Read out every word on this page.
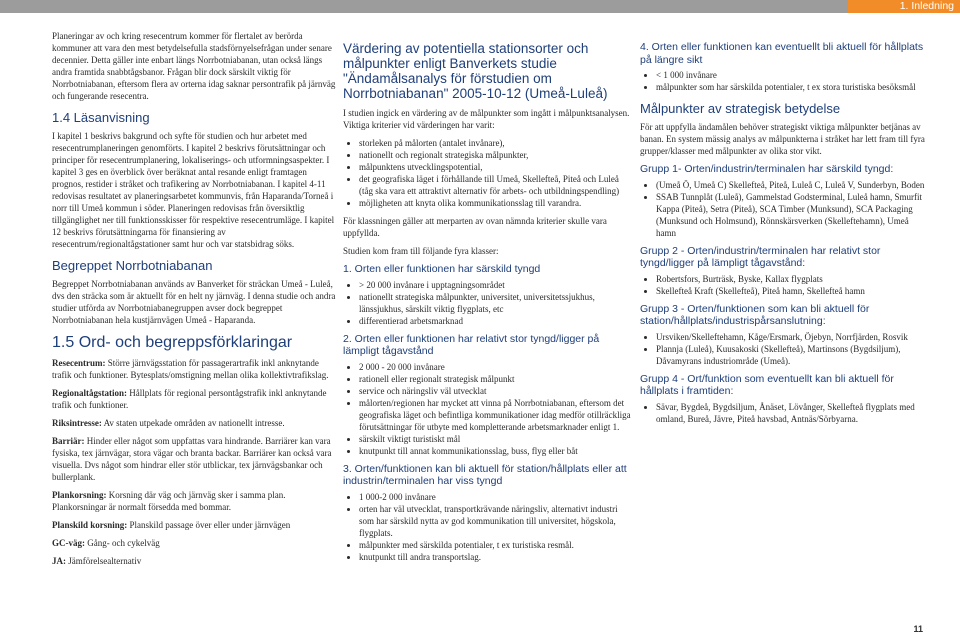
1. Inledning

Planeringar av och kring resecentrum kommer för flertalet av berörda kommuner att vara den mest betydelsefulla stadsförnyelsefrågan under senare decennier. Detta gäller inte enbart längs Norrbotniabanan, utan också längs andra framtida snabbtågsbanor. Frågan blir dock särskilt viktig för Norrbotniabanan, eftersom flera av orterna idag saknar persontrafik på järnväg och fungerande resecentra.

1.4 Läsanvisning

I kapitel 1 beskrivs bakgrund och syfte för studien och hur arbetet med resecentrumplaneringen genomförts. I kapitel 2 beskrivs förutsättningar och principer för resecentrumplanering, lokaliserings- och utformningsaspekter. I kapitel 3 ges en överblick över beräknat antal resande enligt framtagen prognos, restider i stråket och trafikering av Norrbotniabanan. I kapitel 4-11 redovisas resultatet av planeringsarbetet kommunvis, från Haparanda/Torneå i norr till Umeå kommun i söder. Planeringen redovisas från översiktlig tillgänglighet ner till funktionsskisser för respektive resecentrumläge. I kapitel 12 beskrivs förutsättningarna för finansiering av resecentrum/regionaltågstationer samt hur och var statsbidrag söks.

Begreppet Norrbotniabanan

Begreppet Norrbotniabanan används av Banverket för sträckan Umeå - Luleå, dvs den sträcka som är aktuellt för en helt ny järnväg. I denna studie och andra studier utförda av Norrbotniabanegruppen avser dock begreppet Norrbotniabanan hela kustjärnvägen Umeå - Haparanda.

1.5 Ord- och begreppsförklaringar

Resecentrum: Större järnvägsstation för passagerartrafik inkl anknytande trafik och funktioner. Bytesplats/omstigning mellan olika kollektivtrafikslag.

Regionaltågstation: Hållplats för regional persontågstrafik inkl anknytande trafik och funktioner.

Riksintresse: Av staten utpekade områden av nationellt intresse.

Barriär: Hinder eller något som uppfattas vara hindrande. Barriärer kan vara fysiska, tex järnvägar, stora vägar och branta backar. Barriärer kan också vara visuella. Dvs något som hindrar eller stör utblickar, tex järnvägsbankar och bullerplank.

Plankorsning: Korsning där väg och järnväg sker i samma plan. Plankorsningar är normalt försedda med bommar.

Planskild korsning: Planskild passage över eller under järnvägen

GC-väg: Gång- och cykelväg

JA: Jämförelsealternativ

Värdering av potentiella stationsorter och målpunkter enligt Banverkets studie "Ändamålsanalys för förstudien om Norrbotniabanan" 2005-10-12 (Umeå-Luleå)

I studien ingick en värdering av de målpunkter som ingått i målpunktsanalysen. Viktiga kriterier vid värderingen har varit:

• storleken på målorten (antalet invånare),
• nationellt och regionalt strategiska målpunkter,
• målpunktens utvecklingspotential,
• det geografiska läget i förhållande till Umeå, Skellefteå, Piteå och Luleå (tåg ska vara ett attraktivt alternativ för arbets- och utbildningspendling)
• möjligheten att knyta olika kommunikationsslag till varandra.

För klassningen gäller att merparten av ovan nämnda kriterier skulle vara uppfyllda.

Studien kom fram till följande fyra klasser:

1. Orten eller funktionen har särskild tyngd
• > 20 000 invånare i upptagningsområdet
• nationellt strategiska målpunkter, universitet, universitetssjukhus, länssjukhus, särskilt viktig flygplats, etc
• differentierad arbetsmarknad
2. Orten eller funktionen har relativt stor tyngd/ligger på lämpligt tågavstånd
• 2 000 - 20 000 invånare
• rationell eller regionalt strategisk målpunkt
• service och näringsliv väl utvecklat
• målorten/regionen har mycket att vinna på Norrbotniabanan, eftersom det geografiska läget och befintliga kommunikationer idag medför otillräckliga förutsättningar för utbyte med kompletterande arbetsmarknader enligt 1.
• särskilt viktigt turistiskt mål
• knutpunkt till annat kommunikationsslag, buss, flyg eller båt
3. Orten/funktionen kan bli aktuell för station/hållplats eller att industrin/terminalen har viss tyngd
• 1 000-2 000 invånare
• orten har väl utvecklat, transportkrävande näringsliv, alternativt industri som har särskild nytta av god kommunikation till universitet, högskola, flygplats.
• målpunkter med särskilda potentialer, t ex turistiska resmål.
• knutpunkt till andra transportslag.
4. Orten eller funktionen kan eventuellt bli aktuell för hållplats på längre sikt
• < 1 000 invånare
• målpunkter som har särskilda potentialer, t ex stora turistiska besöksmål
Målpunkter av strategisk betydelse

För att uppfylla ändamålen behöver strategiskt viktiga målpunkter betjänas av banan. En system mässig analys av målpunkterna i stråket har lett fram till fyra grupper/klasser med målpunkter av olika stor vikt.

Grupp 1- Orten/industrin/terminalen har särskild tyngd:
• (Umeå Ö, Umeå C) Skellefteå, Piteå, Luleå C, Luleå V, Sunderbyn, Boden
• SSAB Tunnplåt (Luleå), Gammelstad Godsterminal, Luleå hamn, Smurfit Kappa (Piteå), Setra (Piteå), SCA Timber (Munksund), SCA Packaging (Munksund och Holmsund), Rönnskärsverken (Skelleftehamn), Umeå hamn
Grupp 2 - Orten/industrin/terminalen har relativt stor tyngd/ligger på lämpligt tågavstånd:
• Robertsfors, Burträsk, Byske, Kallax flygplats
• Skellefteå Kraft (Skellefteå), Piteå hamn, Skellefteå hamn
Grupp 3 - Orten/funktionen som kan bli aktuell för station/hållplats/industrispårsanslutning:
• Ursviken/Skelleftehamn, Kåge/Ersmark, Öjebyn, Norrfjärden, Rosvik
• Plannja (Luleå), Kuusakoski (Skellefteå), Martinsons (Bygdsiljum), Dåvamyrans industriområde (Umeå).
Grupp 4 - Ort/funktion som eventuellt kan bli aktuell för hållplats i framtiden:
• Sävar, Bygdeå, Bygdsiljum, Ånäset, Lövånger, Skellefteå flygplats med omland, Bureå, Jävre, Piteå havsbad, Antnäs/Sörbyarna.
11
